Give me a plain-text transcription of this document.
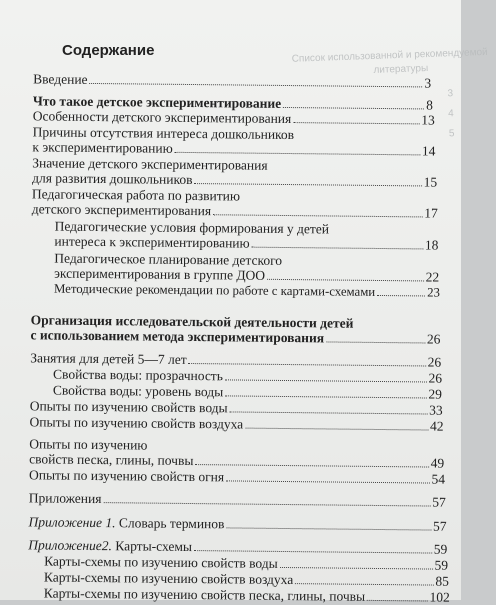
Список использованной и рекомендуемой
литературы
3
4
5
Содержание
Введение	3
Что такое детское экспериментирование	8
Особенности детского экспериментирования	13
Причины отсутствия интереса дошкольников
к экспериментированию	14
Значение детского экспериментирования
для развития дошкольников	15
Педагогическая работа по развитию
детского экспериментирования	17
Педагогические условия формирования у детей
интереса к экспериментированию	18
Педагогическое планирование детского
экспериментирования в группе ДОО	22
Методические рекомендации по работе с картами-схемами	23
Организация исследовательской деятельности детей
с использованием метода экспериментирования	26
Занятия для детей 5—7 лет	26
Свойства воды: прозрачность	26
Свойства воды: уровень воды	29
Опыты по изучению свойств воды	33
Опыты по изучению свойств воздуха	42
Опыты по изучению
свойств песка, глины, почвы	49
Опыты по изучению свойств огня	54
Приложения	57
Приложение 1.
Словарь терминов	57
Приложение2.
Карты-схемы	59
Карты-схемы по изучению свойств воды	59
Карты-схемы по изучению свойств воздуха	85
Карты-схемы по изучению свойств песка, глины, почвы	102
